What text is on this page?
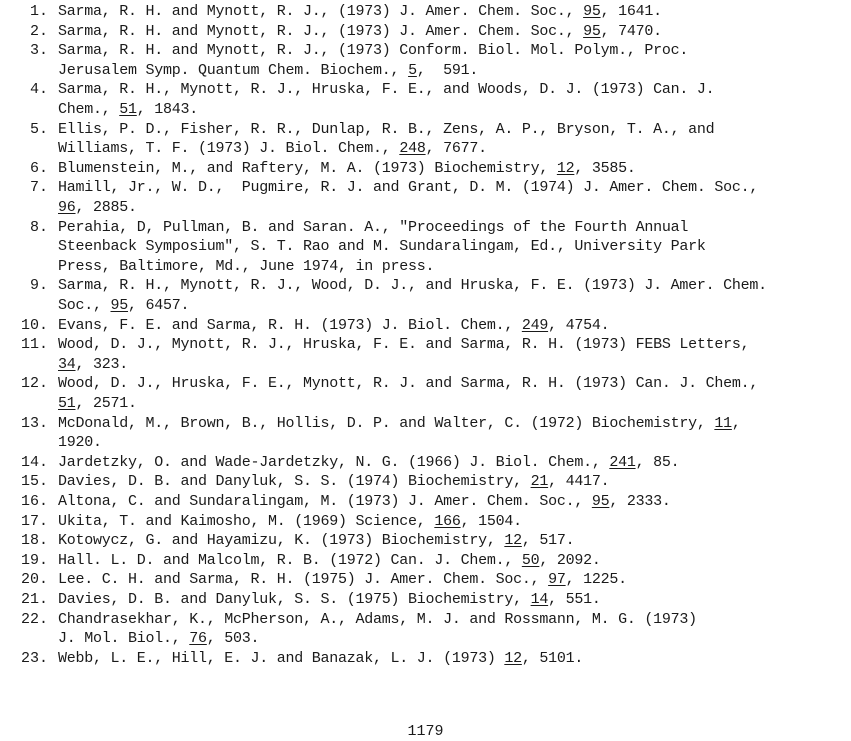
1. Sarma, R. H. and Mynott, R. J., (1973) J. Amer. Chem. Soc., 95, 1641.
2. Sarma, R. H. and Mynott, R. J., (1973) J. Amer. Chem. Soc., 95, 7470.
3. Sarma, R. H. and Mynott, R. J., (1973) Conform. Biol. Mol. Polym., Proc.
Jerusalem Symp. Quantum Chem. Biochem., 5,  591.
4. Sarma, R. H., Mynott, R. J., Hruska, F. E., and Woods, D. J. (1973) Can. J.
Chem., 51, 1843.
5. Ellis, P. D., Fisher, R. R., Dunlap, R. B., Zens, A. P., Bryson, T. A., and
Williams, T. F. (1973) J. Biol. Chem., 248, 7677.
6. Blumenstein, M., and Raftery, M. A. (1973) Biochemistry, 12, 3585.
7. Hamill, Jr., W. D.,  Pugmire, R. J. and Grant, D. M. (1974) J. Amer. Chem. Soc.,
96, 2885.
8. Perahia, D, Pullman, B. and Saran. A., "Proceedings of the Fourth Annual
Steenback Symposium", S. T. Rao and M. Sundaralingam, Ed., University Park
Press, Baltimore, Md., June 1974, in press.
9. Sarma, R. H., Mynott, R. J., Wood, D. J., and Hruska, F. E. (1973) J. Amer. Chem.
Soc., 95, 6457.
10. Evans, F. E. and Sarma, R. H. (1973) J. Biol. Chem., 249, 4754.
11. Wood, D. J., Mynott, R. J., Hruska, F. E. and Sarma, R. H. (1973) FEBS Letters,
34, 323.
12. Wood, D. J., Hruska, F. E., Mynott, R. J. and Sarma, R. H. (1973) Can. J. Chem.,
51, 2571.
13. McDonald, M., Brown, B., Hollis, D. P. and Walter, C. (1972) Biochemistry, 11,
1920.
14. Jardetzky, O. and Wade-Jardetzky, N. G. (1966) J. Biol. Chem., 241, 85.
15. Davies, D. B. and Danyluk, S. S. (1974) Biochemistry, 21, 4417.
16. Altona, C. and Sundaralingam, M. (1973) J. Amer. Chem. Soc., 95, 2333.
17. Ukita, T. and Kaimosho, M. (1969) Science, 166, 1504.
18. Kotowycz, G. and Hayamizu, K. (1973) Biochemistry, 12, 517.
19. Hall. L. D. and Malcolm, R. B. (1972) Can. J. Chem., 50, 2092.
20. Lee. C. H. and Sarma, R. H. (1975) J. Amer. Chem. Soc., 97, 1225.
21. Davies, D. B. and Danyluk, S. S. (1975) Biochemistry, 14, 551.
22. Chandrasekhar, K., McPherson, A., Adams, M. J. and Rossmann, M. G. (1973)
J. Mol. Biol., 76, 503.
23. Webb, L. E., Hill, E. J. and Banazak, L. J. (1973) 12, 5101.
1179
